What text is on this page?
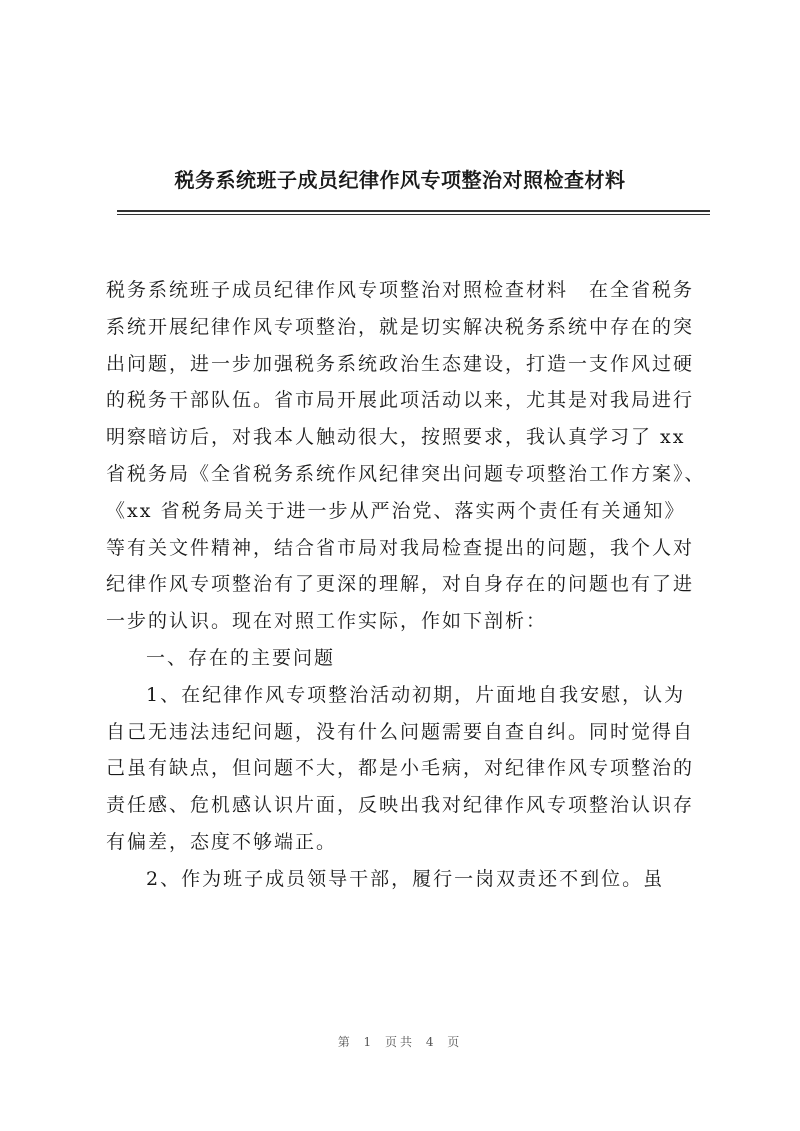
税务系统班子成员纪律作风专项整治对照检查材料
税务系统班子成员纪律作风专项整治对照检查材料　在全省税务
系统开展纪律作风专项整治，就是切实解决税务系统中存在的突
出问题，进一步加强税务系统政治生态建设，打造一支作风过硬
的税务干部队伍。省市局开展此项活动以来，尤其是对我局进行
明察暗访后，对我本人触动很大，按照要求，我认真学习了 xx
省税务局《全省税务系统作风纪律突出问题专项整治工作方案》、
《xx 省税务局关于进一步从严治党、落实两个责任有关通知》
等有关文件精神，结合省市局对我局检查提出的问题，我个人对
纪律作风专项整治有了更深的理解，对自身存在的问题也有了进
一步的认识。现在对照工作实际，作如下剖析：
一、存在的主要问题
1、在纪律作风专项整治活动初期，片面地自我安慰，认为
自己无违法违纪问题，没有什么问题需要自查自纠。同时觉得自
己虽有缺点，但问题不大，都是小毛病，对纪律作风专项整治的
责任感、危机感认识片面，反映出我对纪律作风专项整治认识存
有偏差，态度不够端正。
2、作为班子成员领导干部，履行一岗双责还不到位。虽
第 1 页共 4 页
